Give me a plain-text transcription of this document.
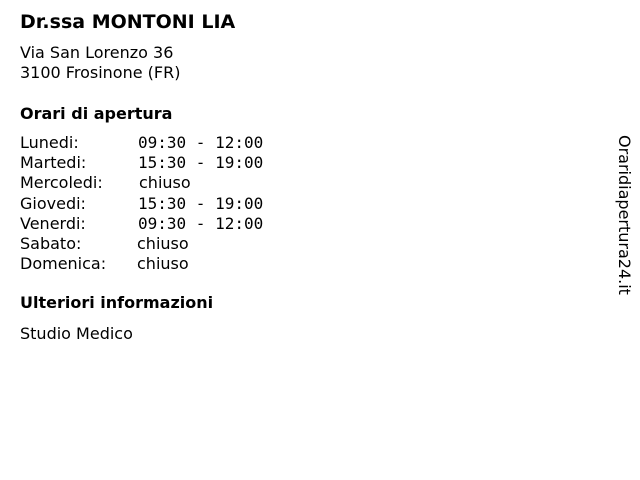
Dr.ssa MONTONI LIA
Via San Lorenzo 36
3100 Frosinone (FR)
Orari di apertura
Lunedi:	09:30 - 12:00
Martedi:	15:30 - 19:00
Mercoledi: chiuso
Giovedi:	15:30 - 19:00
Venerdi:	09:30 - 12:00
Sabato:	chiuso
Domenica: chiuso
Ulteriori informazioni
Studio Medico
Oraridiapertura24.it
